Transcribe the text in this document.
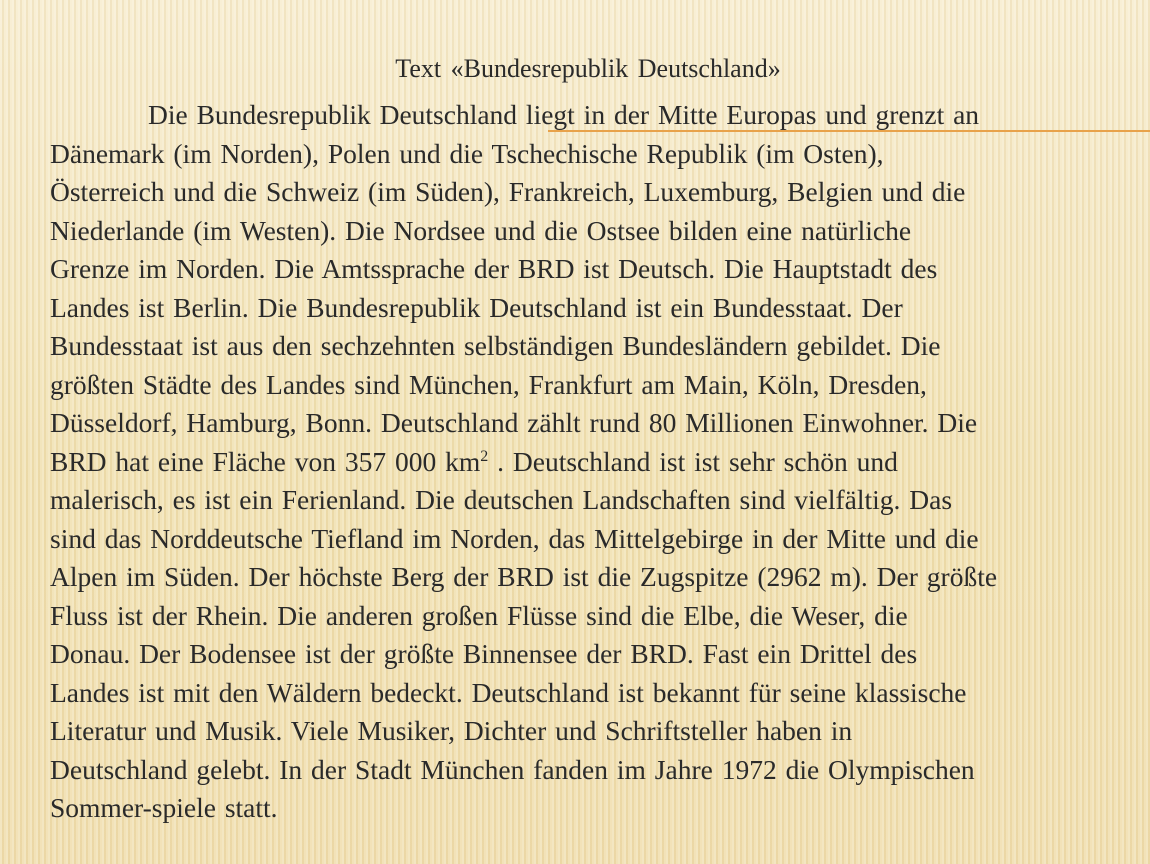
Text «Bundesrepublik Deutschland»
Die Bundesrepublik Deutschland liegt in der Mitte Europas und grenzt an
Dänemark (im Norden), Polen und die Tschechische Republik (im Osten),
Österreich und die Schweiz (im Süden), Frankreich, Luxemburg, Belgien und die
Niederlande (im Westen). Die Nordsee und die Ostsee bilden eine natürliche
Grenze im Norden. Die Amtssprache der BRD ist Deutsch. Die Hauptstadt des
Landes ist Berlin. Die Bundesrepublik Deutschland ist ein Bundesstaat. Der
Bundesstaat ist aus den sechzehnten selbständigen Bundesländern gebildet. Die
größten Städte des Landes sind München, Frankfurt am Main, Köln, Dresden,
Düsseldorf, Hamburg, Bonn. Deutschland zählt rund 80 Millionen Einwohner. Die
BRD hat eine Fläche von 357 000 $km^2$ . Deutschland ist ist sehr schön und
malerisch, es ist ein Ferienland. Die deutschen Landschaften sind vielfältig. Das
sind das Norddeutsche Tiefland im Norden, das Mittelgebirge in der Mitte und die
Alpen im Süden. Der höchste Berg der BRD ist die Zugspitze (2962 m). Der größte
Fluss ist der Rhein. Die anderen großen Flüsse sind die Elbe, die Weser, die
Donau. Der Bodensee ist der größte Binnensee der BRD. Fast ein Drittel des
Landes ist mit den Wäldern bedeckt. Deutschland ist bekannt für seine klassische
Literatur und Musik. Viele Musiker, Dichter und Schriftsteller haben in
Deutschland gelebt. In der Stadt München fanden im Jahre 1972 die Olympischen
Sommer-spiele statt.
